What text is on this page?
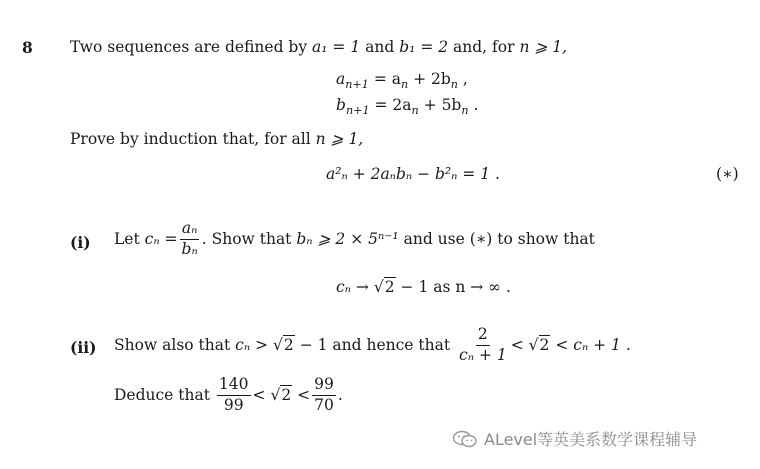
8 Two sequences are defined by a₁ = 1 and b₁ = 2 and, for n ⩾ 1,
$a_{n+1} = a_n + 2b_n$ ,
$b_{n+1} = 2a_n + 5b_n$ .
Prove by induction that, for all n ⩾ 1,
a²ₙ + 2aₙbₙ − b²ₙ = 1 .	(∗)
(i) Let
$c_n = \frac{\text{aₙ}}{\text{bₙ}}$ . Show that
bₙ ⩾ 2 × 5ⁿ⁻¹
and use (∗) to show that
cₙ → √2 − 1 as n → ∞ .
(ii) Show also that
cₙ >
√2
− 1 and hence that
$\frac{2}{\text{cₙ + 1}}$ <
√2
< cₙ + 1 .
Deduce that
$\frac{140}{99}$ <
√2
< $\frac{99}{70}$ .
ALevel等英美系数学课程辅导
